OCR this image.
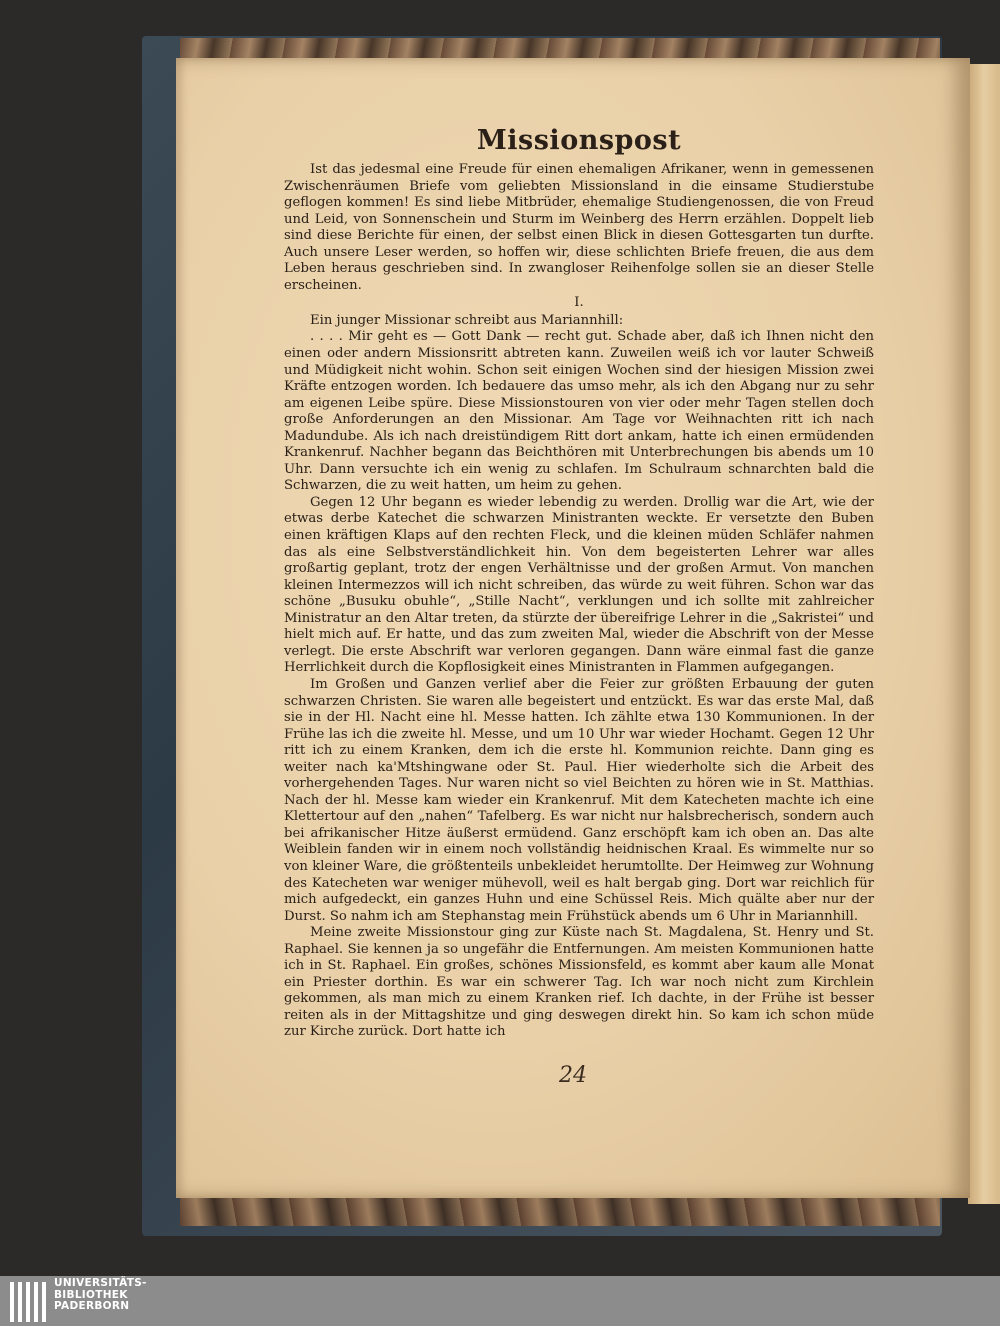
Missionspost

Ist das jedesmal eine Freude für einen ehemaligen Afrikaner, wenn in gemessenen Zwischenräumen Briefe vom geliebten Missionsland in die einsame Studierstube geflogen kommen! Es sind liebe Mitbrüder, ehemalige Studiengenossen, die von Freud und Leid, von Sonnenschein und Sturm im Weinberg des Herrn erzählen. Doppelt lieb sind diese Berichte für einen, der selbst einen Blick in diesen Gottesgarten tun durfte. Auch unsere Leser werden, so hoffen wir, diese schlichten Briefe freuen, die aus dem Leben heraus geschrieben sind. In zwangloser Reihenfolge sollen sie an dieser Stelle erscheinen.

I.

Ein junger Missionar schreibt aus Mariannhill:

. . . . Mir geht es — Gott Dank — recht gut. Schade aber, daß ich Ihnen nicht den einen oder andern Missionsritt abtreten kann. Zuweilen weiß ich vor lauter Schweiß und Müdigkeit nicht wohin. Schon seit einigen Wochen sind der hiesigen Mission zwei Kräfte entzogen worden. Ich bedauere das umso mehr, als ich den Abgang nur zu sehr am eigenen Leibe spüre. Diese Missionstouren von vier oder mehr Tagen stellen doch große Anforderungen an den Missionar. Am Tage vor Weihnachten ritt ich nach Madundube. Als ich nach dreistündigem Ritt dort ankam, hatte ich einen ermüdenden Krankenruf. Nachher begann das Beichthören mit Unterbrechungen bis abends um 10 Uhr. Dann versuchte ich ein wenig zu schlafen. Im Schulraum schnarchten bald die Schwarzen, die zu weit hatten, um heim zu gehen.

Gegen 12 Uhr begann es wieder lebendig zu werden. Drollig war die Art, wie der etwas derbe Katechet die schwarzen Ministranten weckte. Er versetzte den Buben einen kräftigen Klaps auf den rechten Fleck, und die kleinen müden Schläfer nahmen das als eine Selbstverständlichkeit hin. Von dem begeisterten Lehrer war alles großartig geplant, trotz der engen Verhältnisse und der großen Armut. Von manchen kleinen Intermezzos will ich nicht schreiben, das würde zu weit führen. Schon war das schöne „Busuku obuhle“, „Stille Nacht“, verklungen und ich sollte mit zahlreicher Ministratur an den Altar treten, da stürzte der übereifrige Lehrer in die „Sakristei“ und hielt mich auf. Er hatte, und das zum zweiten Mal, wieder die Abschrift von der Messe verlegt. Die erste Abschrift war verloren gegangen. Dann wäre einmal fast die ganze Herrlichkeit durch die Kopflosigkeit eines Ministranten in Flammen aufgegangen.

Im Großen und Ganzen verlief aber die Feier zur größten Erbauung der guten schwarzen Christen. Sie waren alle begeistert und entzückt. Es war das erste Mal, daß sie in der Hl. Nacht eine hl. Messe hatten. Ich zählte etwa 130 Kommunionen. In der Frühe las ich die zweite hl. Messe, und um 10 Uhr war wieder Hochamt. Gegen 12 Uhr ritt ich zu einem Kranken, dem ich die erste hl. Kommunion reichte. Dann ging es weiter nach ka'Mtshingwane oder St. Paul. Hier wiederholte sich die Arbeit des vorhergehenden Tages. Nur waren nicht so viel Beichten zu hören wie in St. Matthias. Nach der hl. Messe kam wieder ein Krankenruf. Mit dem Katecheten machte ich eine Klettertour auf den „nahen“ Tafelberg. Es war nicht nur halsbrecherisch, sondern auch bei afrikanischer Hitze äußerst ermüdend. Ganz erschöpft kam ich oben an. Das alte Weiblein fanden wir in einem noch vollständig heidnischen Kraal. Es wimmelte nur so von kleiner Ware, die größtenteils unbekleidet herumtollte. Der Heimweg zur Wohnung des Katecheten war weniger mühevoll, weil es halt bergab ging. Dort war reichlich für mich aufgedeckt, ein ganzes Huhn und eine Schüssel Reis. Mich quälte aber nur der Durst. So nahm ich am Stephanstag mein Frühstück abends um 6 Uhr in Mariannhill.

Meine zweite Missionstour ging zur Küste nach St. Magdalena, St. Henry und St. Raphael. Sie kennen ja so ungefähr die Entfernungen. Am meisten Kommunionen hatte ich in St. Raphael. Ein großes, schönes Missionsfeld, es kommt aber kaum alle Monat ein Priester dorthin. Es war ein schwerer Tag. Ich war noch nicht zum Kirchlein gekommen, als man mich zu einem Kranken rief. Ich dachte, in der Frühe ist besser reiten als in der Mittagshitze und ging deswegen direkt hin. So kam ich schon müde zur Kirche zurück. Dort hatte ich

24
UNIVERSITÄTS-
BIBLIOTHEK
PADERBORN
